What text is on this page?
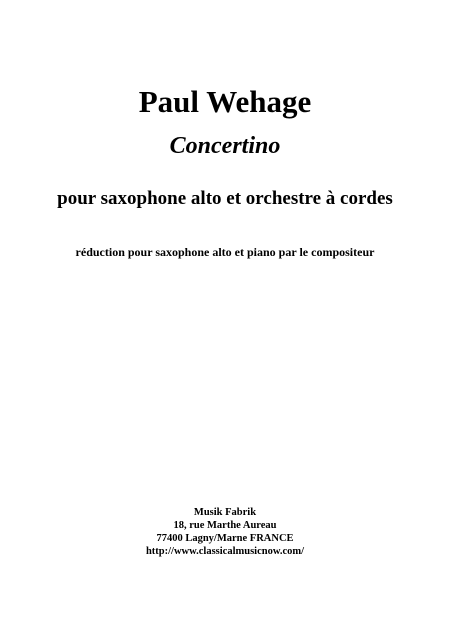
Paul Wehage
Concertino
pour saxophone alto et orchestre à cordes
réduction pour saxophone alto et piano par le compositeur
Musik Fabrik
18, rue Marthe Aureau
77400 Lagny/Marne FRANCE
http://www.classicalmusicnow.com/
